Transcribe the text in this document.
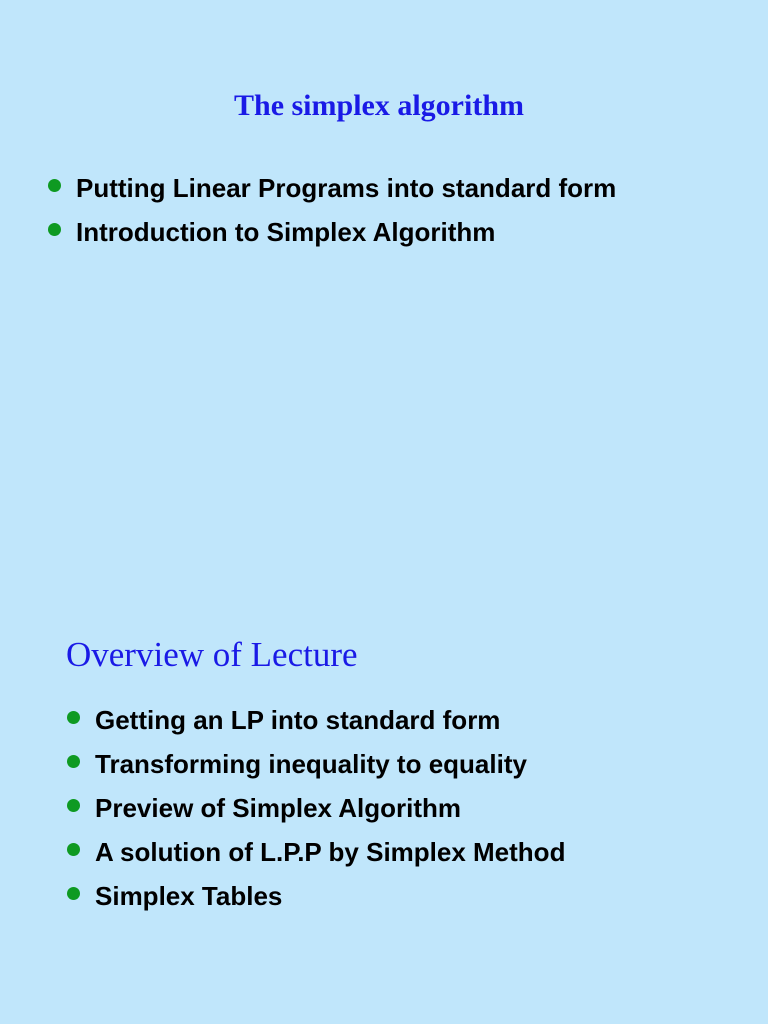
The simplex algorithm
Putting Linear Programs into standard form
Introduction to Simplex Algorithm
Overview of Lecture
Getting an LP into standard form
Transforming inequality to equality
Preview of Simplex Algorithm
A solution of L.P.P by Simplex Method
Simplex Tables
